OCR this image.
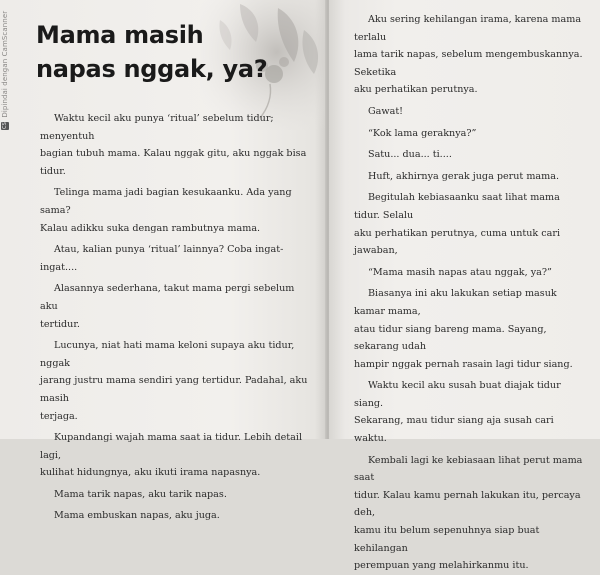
CS Dipindai dengan CamScanner Mama masih
napas nggak, ya?

Waktu kecil aku punya ‘ritual’ sebelum tidur; menyentuh
bagian tubuh mama. Kalau nggak gitu, aku nggak bisa tidur.

Telinga mama jadi bagian kesukaanku. Ada yang sama?
Kalau adikku suka dengan rambutnya mama.

Atau, kalian punya ‘ritual’ lainnya? Coba ingat-ingat....

Alasannya sederhana, takut mama pergi sebelum aku
tertidur.

Lucunya, niat hati mama keloni supaya aku tidur, nggak
jarang justru mama sendiri yang tertidur. Padahal, aku masih
terjaga.

Kupandangi wajah mama saat ia tidur. Lebih detail lagi,
kulihat hidungnya, aku ikuti irama napasnya.

Mama tarik napas, aku tarik napas.

Mama embuskan napas, aku juga.

Aku sering kehilangan irama, karena mama terlalu
lama tarik napas, sebelum mengembuskannya. Seketika
aku perhatikan perutnya.

Gawat!

“Kok lama geraknya?”

Satu... dua... ti....

Huft, akhirnya gerak juga perut mama.

Begitulah kebiasaanku saat lihat mama tidur. Selalu
aku perhatikan perutnya, cuma untuk cari jawaban,

“Mama masih napas atau nggak, ya?”

Biasanya ini aku lakukan setiap masuk kamar mama,
atau tidur siang bareng mama. Sayang, sekarang udah
hampir nggak pernah rasain lagi tidur siang.

Waktu kecil aku susah buat diajak tidur siang.
Sekarang, mau tidur siang aja susah cari waktu.

Kembali lagi ke kebiasaan lihat perut mama saat
tidur. Kalau kamu pernah lakukan itu, percaya deh,
kamu itu belum sepenuhnya siap buat kehilangan
perempuan yang melahirkanmu itu.
